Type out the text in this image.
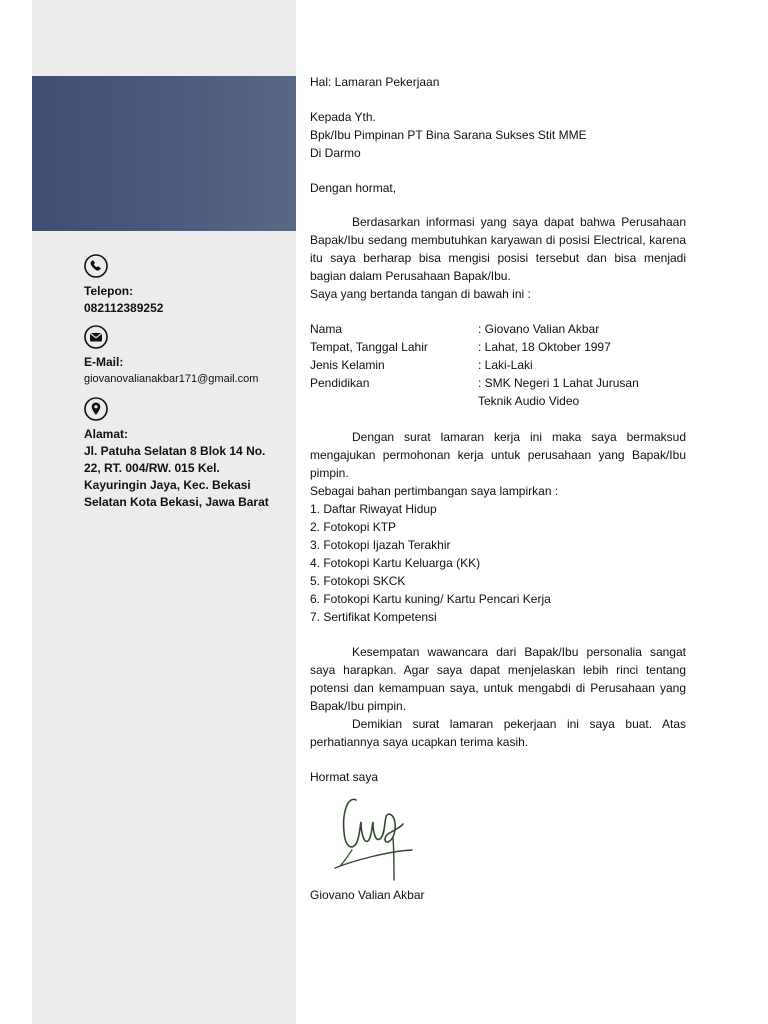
Telepon:
082112389252
E-Mail:
giovanovalianakbar171@gmail.com
Alamat:
Jl. Patuha Selatan 8 Blok 14 No.
22, RT. 004/RW. 015 Kel.
Kayuringin Jaya, Kec. Bekasi
Selatan Kota Bekasi, Jawa Barat

Hal: Lamaran Pekerjaan

Kepada Yth.

Bpk/Ibu Pimpinan PT Bina Sarana Sukses Stit MME

Di Darmo

Dengan hormat,

Berdasarkan informasi yang saya dapat bahwa Perusahaan Bapak/Ibu sedang membutuhkan karyawan di posisi Electrical, karena itu saya berharap bisa mengisi posisi tersebut dan bisa menjadi bagian dalam Perusahaan Bapak/Ibu.

Saya yang bertanda tangan di bawah ini :

Nama	: Giovano Valian Akbar
Tempat, Tanggal Lahir	: Lahat, 18 Oktober 1997
Jenis Kelamin	: Laki-Laki
Pendidikan	: SMK Negeri 1 Lahat Jurusan
Teknik Audio Video

Dengan surat lamaran kerja ini maka saya bermaksud mengajukan permohonan kerja untuk perusahaan yang Bapak/Ibu pimpin.

Sebagai bahan pertimbangan saya lampirkan :

1. Daftar Riwayat Hidup

2. Fotokopi KTP

3. Fotokopi Ijazah Terakhir

4. Fotokopi Kartu Keluarga (KK)

5. Fotokopi SKCK

6. Fotokopi Kartu kuning/ Kartu Pencari Kerja

7. Sertifikat Kompetensi

Kesempatan wawancara dari Bapak/Ibu personalia sangat saya harapkan. Agar saya dapat menjelaskan lebih rinci tentang potensi dan kemampuan saya, untuk mengabdi di Perusahaan yang Bapak/Ibu pimpin.

Demikian surat lamaran pekerjaan ini saya buat. Atas perhatiannya saya ucapkan terima kasih.

Hormat saya

Giovano Valian Akbar
